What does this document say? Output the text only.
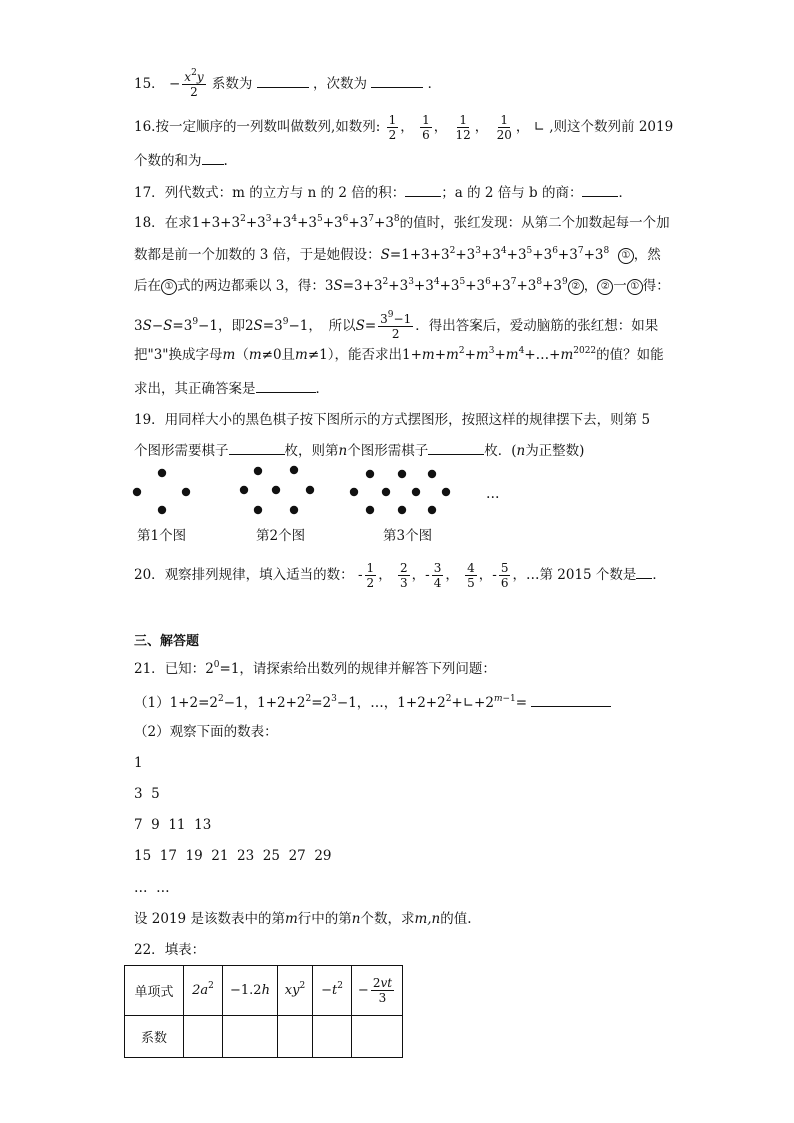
15． − $\frac{x^2y}{2}$ 系数为	，次数为	．
16.按一定顺序的一列数叫做数列,如数列: $\frac{1}{2}$ ， $\frac{1}{6}$ ， $\frac{1}{12}$ ， $\frac{1}{20}$ ， ∟ ,则这个数列前 2019
个数的和为 .
17．列代数式：m 的立方与 n 的 2 倍的积：	；a 的 2 倍与 b 的商：	．
18．在求$1+3+3^2+3^3+3^4+3^5+3^6+3^7+3^8$的值时，张红发现：从第二个加数起每一个加
数都是前一个加数的 3 倍，于是她假设：$S=1+3+3^2+3^3+3^4+3^5+3^6+3^7+3^8$ ① ，然
后在 ① 式的两边都乘以 3，得：$3S=3+3^2+3^3+3^4+3^5+3^6+3^7+3^8+3^9$ ② ， ② 一 ① 得：
$3S-S=3^9-1$，即$2S=3^9-1$，　所以$S= \frac{3^9-1}{2}$ ．得出答案后，爱动脑筋的张红想：如果
把"3"换成字母m（m≠0且m≠1），能否求出$1+m+m^2+m^3+m^4+\dots+m^{2022}$的值？如能
求出，其正确答案是	．
19．用同样大小的黑色棋子按下图所示的方式摆图形，按照这样的规律摆下去，则第 5
个图形需要棋子	枚，则第n个图形需棋子	枚．(n为正整数)
…
第1个图	第2个图	第3个图
20．观察排列规律，填入适当的数： - $\frac{1}{2}$ ， $\frac{2}{3}$ ，- $\frac{3}{4}$ ， $\frac{4}{5}$ ，- $\frac{5}{6}$ ，…第 2015 个数是 ．
三、解答题
21．已知：$2^0=1$，请探索给出数列的规律并解答下列问题：
$(1)1+2=2^2-1$，$1+2+2^2=2^3-1$，…，$1+2+2^2+∟+2^{m-1}=$
（2）观察下面的数表：
1
3  5
7  9  11  13
15  17  19  21  23  25  27  29
…  …
设 2019 是该数表中的第m行中的第n个数，求m,n的值.
22．填表：
单项式	$2a^2$	−1.2h	$xy^2$	$-t^2$	− $\frac{2vt}{3}$

系数					
